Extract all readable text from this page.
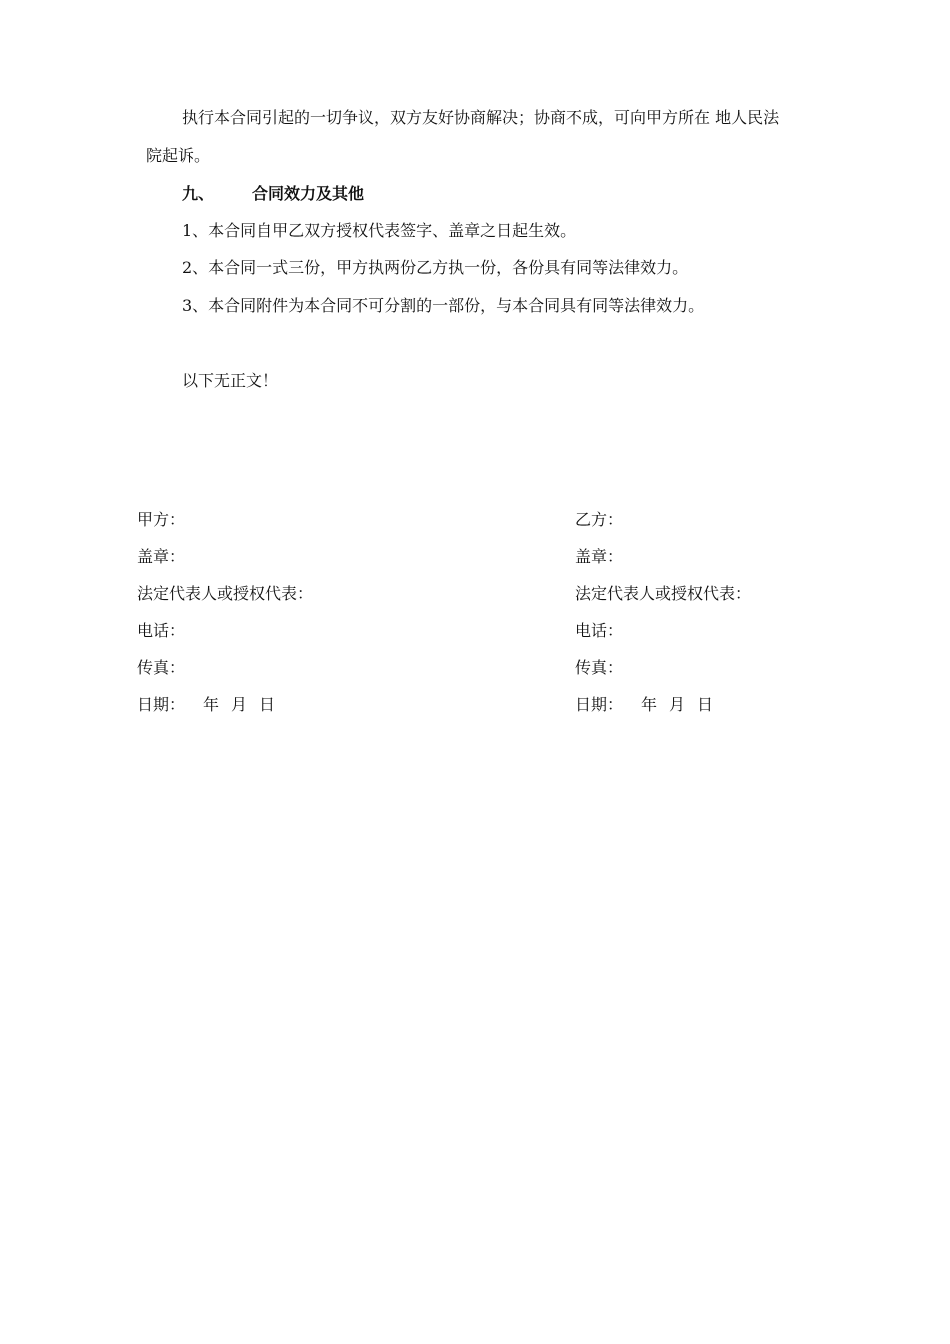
执行本合同引起的一切争议，双方友好协商解决；协商不成，可向甲方所在 地人民法
院起诉。
九、 合同效力及其他
1、本合同自甲乙双方授权代表签字、盖章之日起生效。
2、本合同一式三份，甲方执两份乙方执一份，各份具有同等法律效力。
3、本合同附件为本合同不可分割的一部份，与本合同具有同等法律效力。
以下无正文！
甲方：
盖章：
法定代表人或授权代表：
电话：
传真：
日期： 年 月 日
乙方：
盖章：
法定代表人或授权代表：
电话：
传真：
日期： 年 月 日
